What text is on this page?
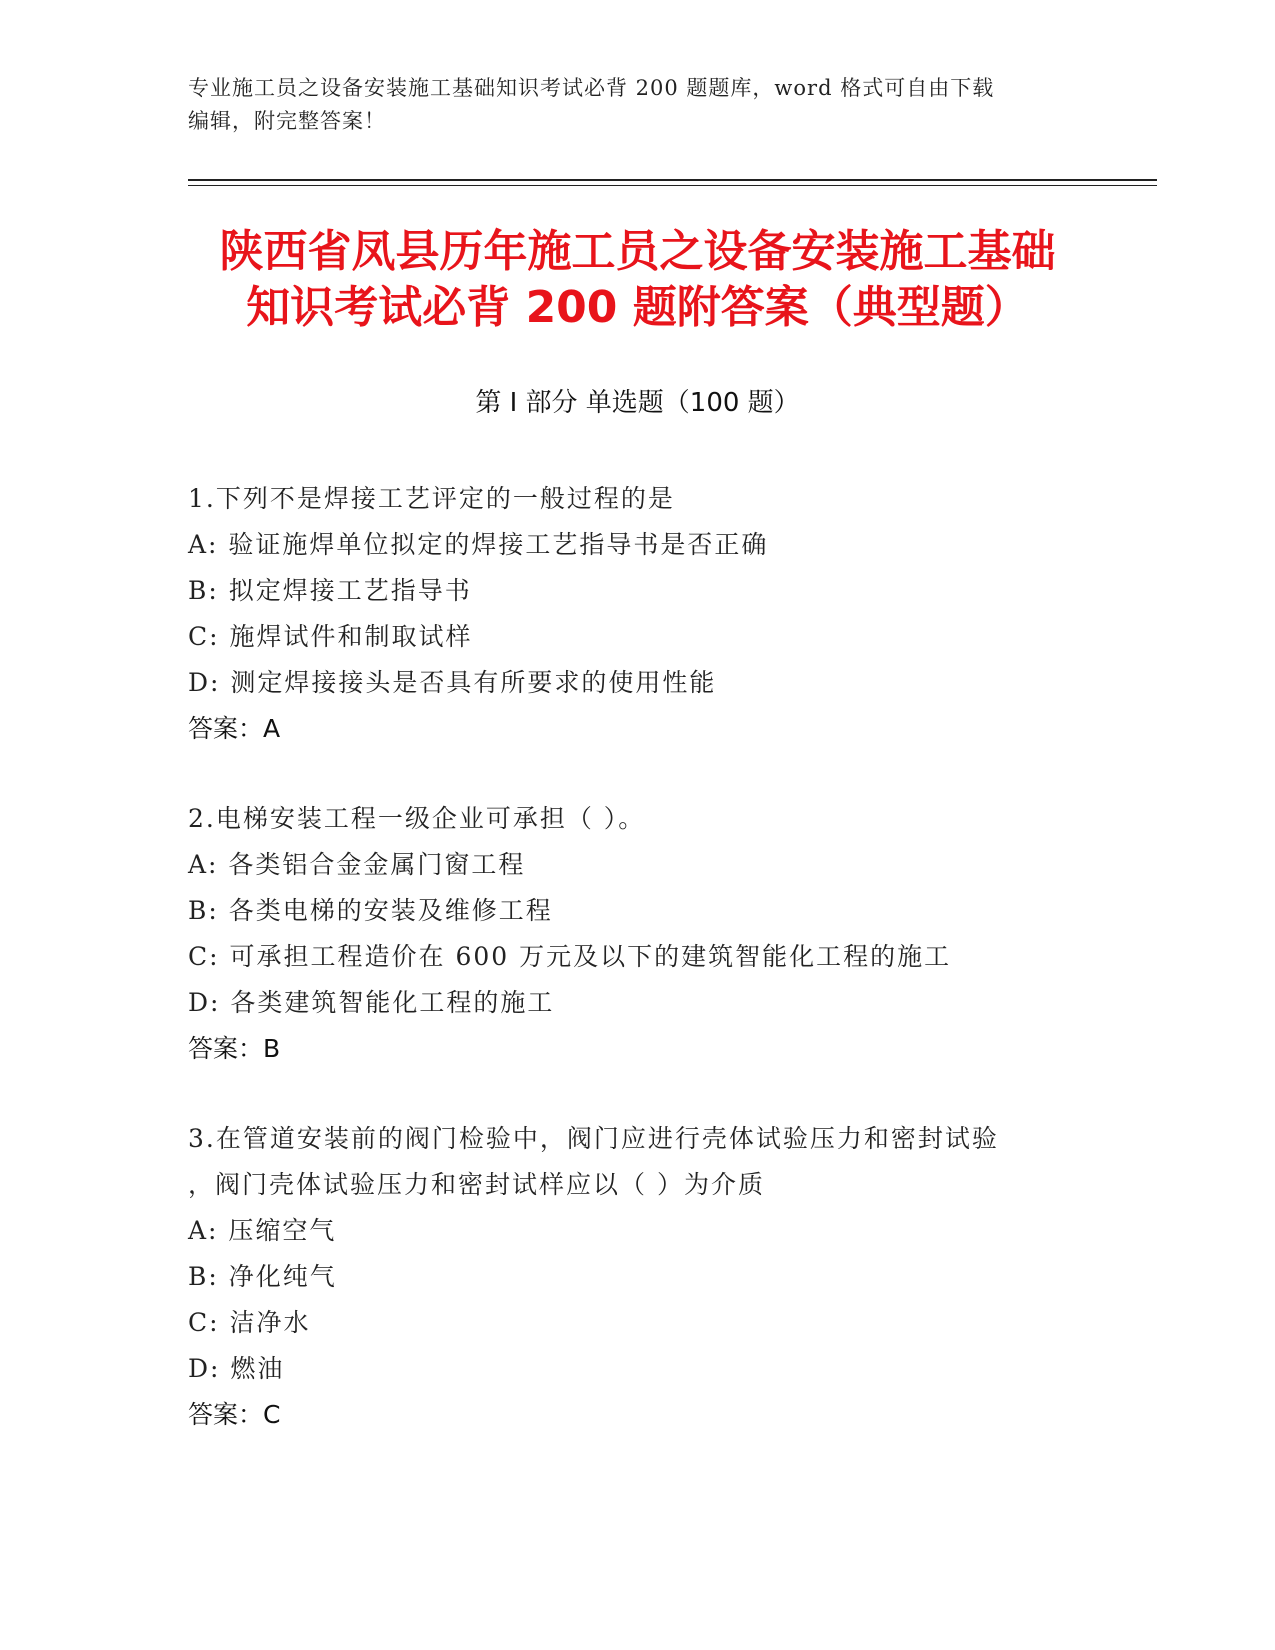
专业施工员之设备安装施工基础知识考试必背 200 题题库，word 格式可自由下载
编辑，附完整答案！
陕西省凤县历年施工员之设备安装施工基础
知识考试必背 200 题附答案（典型题）
第 I 部分 单选题（100 题）
1.下列不是焊接工艺评定的一般过程的是
A: 验证施焊单位拟定的焊接工艺指导书是否正确
B: 拟定焊接工艺指导书
C: 施焊试件和制取试样
D: 测定焊接接头是否具有所要求的使用性能
答案：A
2.电梯安装工程一级企业可承担（ ）。
A: 各类铝合金金属门窗工程
B: 各类电梯的安装及维修工程
C: 可承担工程造价在 600 万元及以下的建筑智能化工程的施工
D: 各类建筑智能化工程的施工
答案：B
3.在管道安装前的阀门检验中，阀门应进行壳体试验压力和密封试验
，阀门壳体试验压力和密封试样应以（ ）为介质
A: 压缩空气
B: 净化纯气
C: 洁净水
D: 燃油
答案：C
